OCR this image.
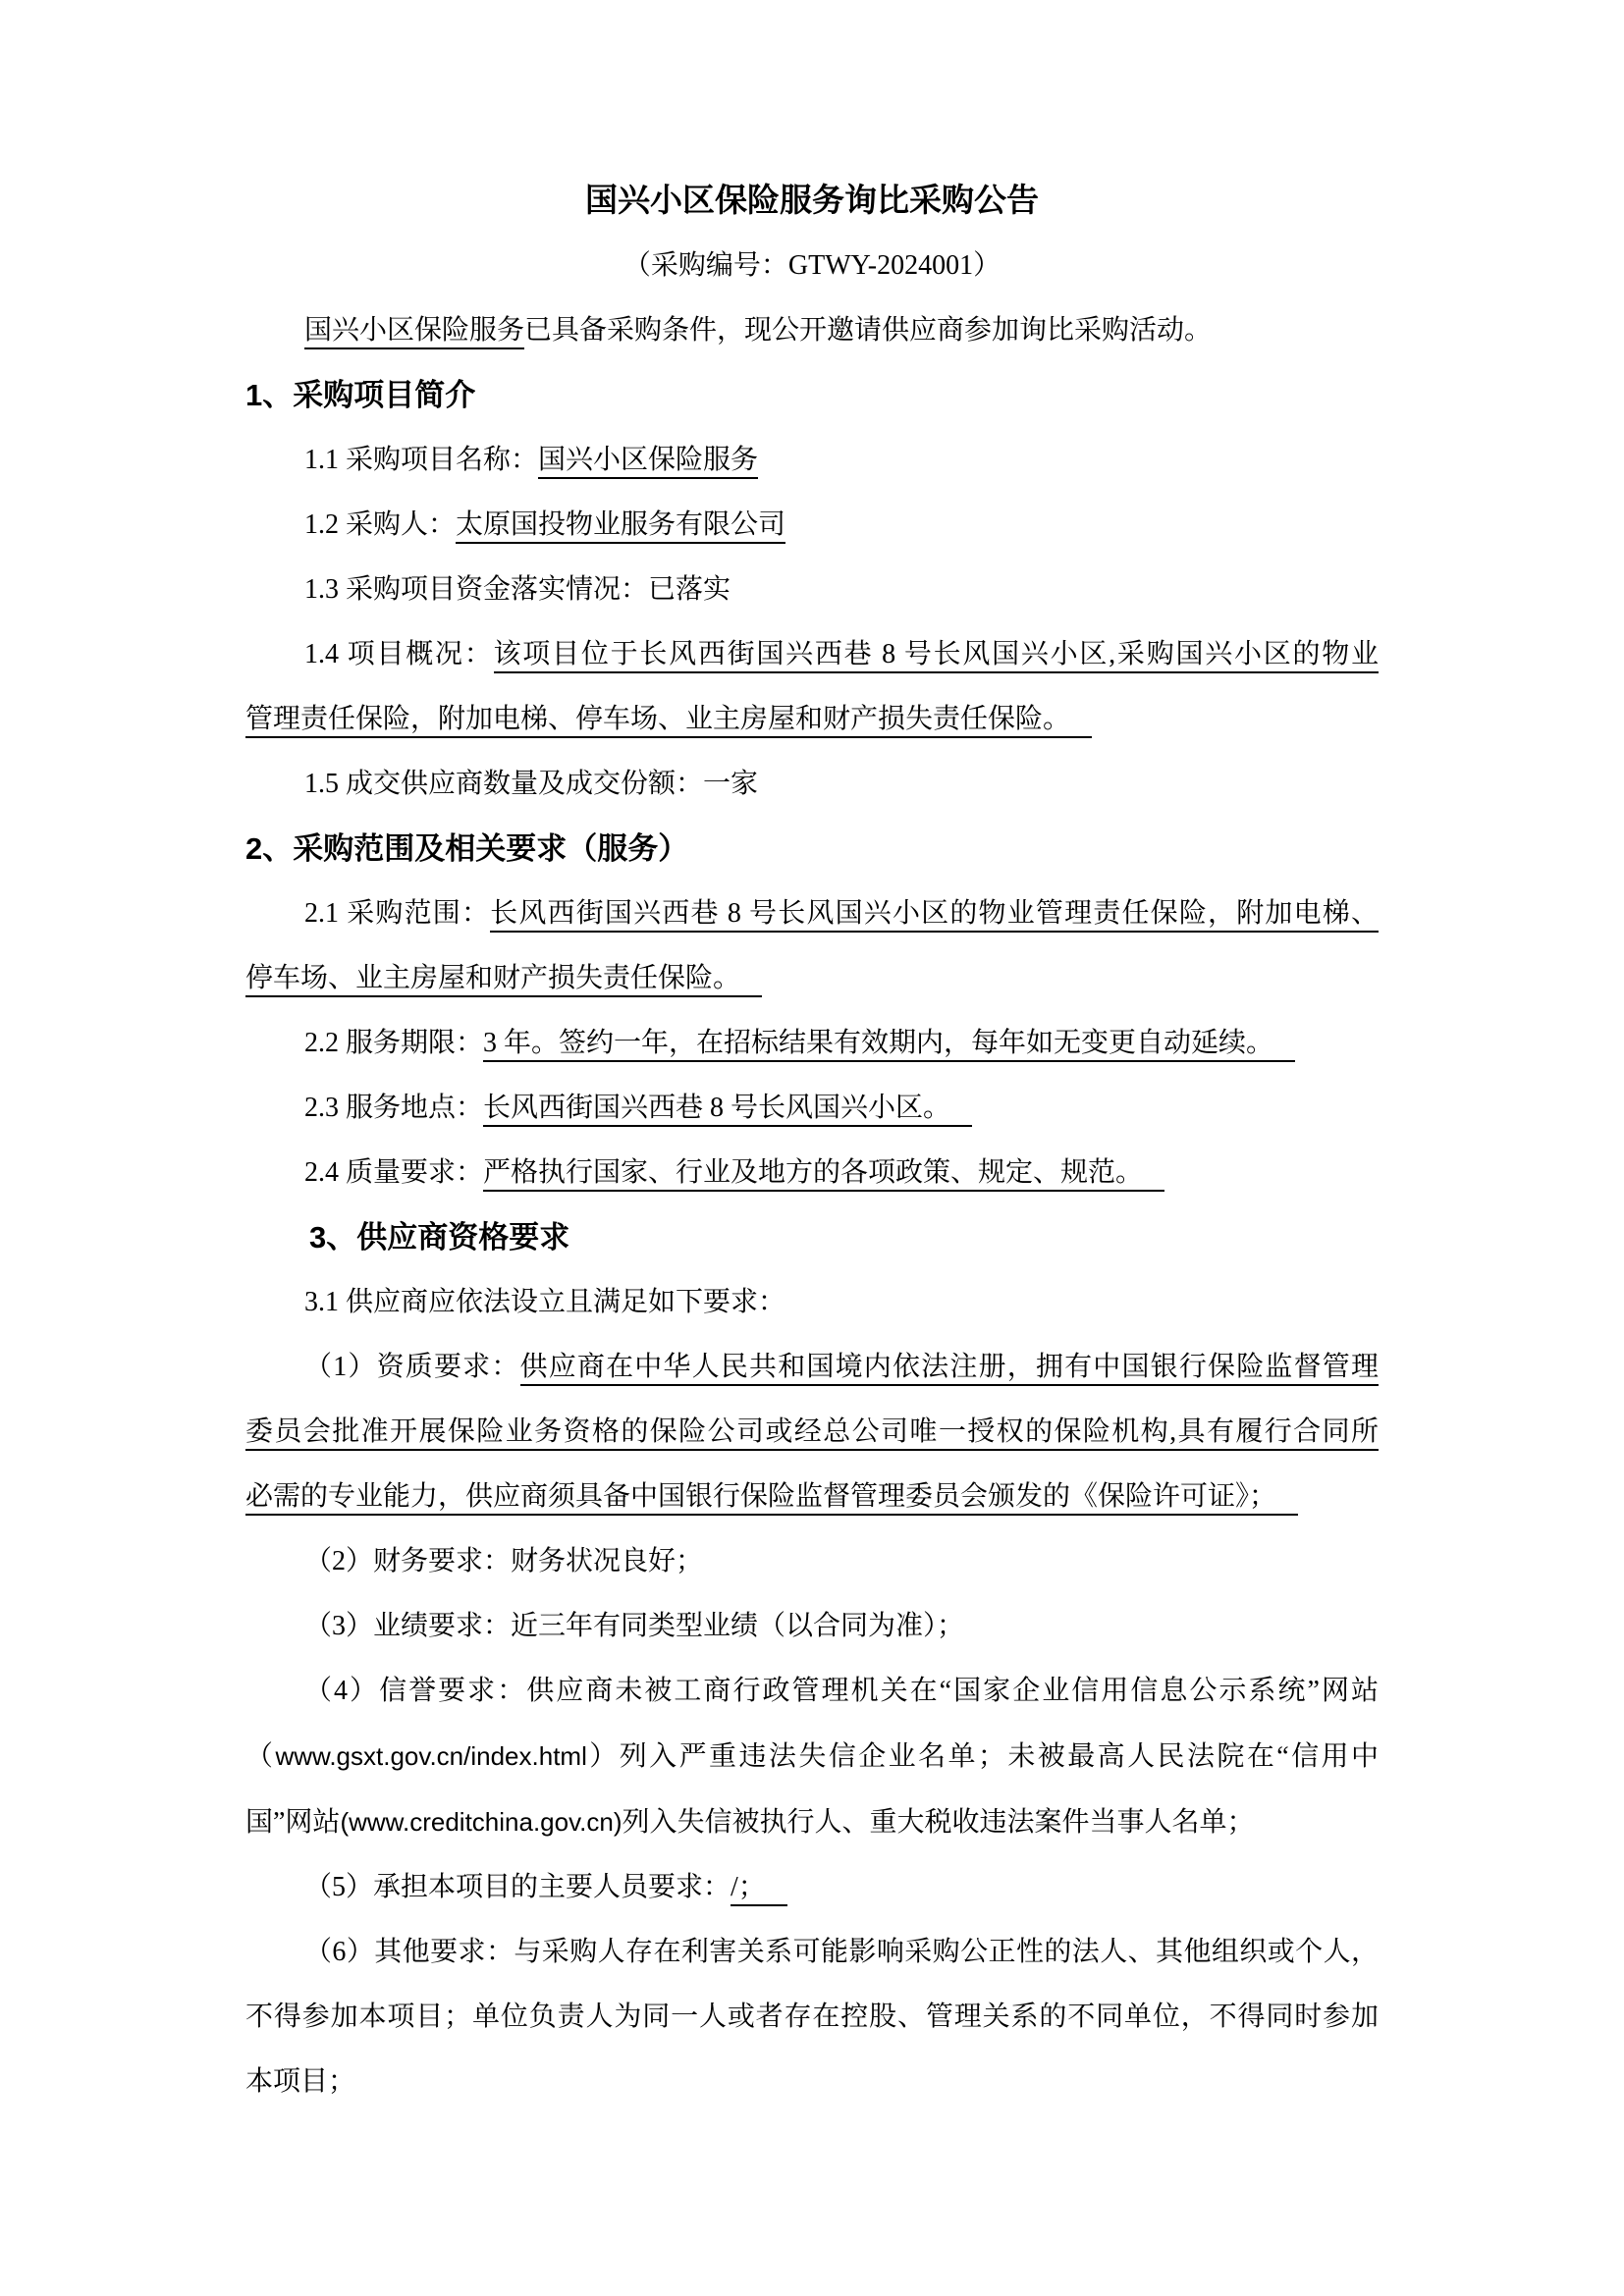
国兴小区保险服务询比采购公告

（采购编号：GTWY-2024001）

国兴小区保险服务已具备采购条件，现公开邀请供应商参加询比采购活动。

1、采购项目简介

1.1 采购项目名称：国兴小区保险服务

1.2 采购人：太原国投物业服务有限公司

1.3 采购项目资金落实情况：已落实

1.4 项目概况：该项目位于长风西街国兴西巷 8 号长风国兴小区,采购国兴小区的物业

管理责任保险，附加电梯、停车场、业主房屋和财产损失责任保险。

1.5 成交供应商数量及成交份额：一家

2、采购范围及相关要求（服务）

2.1 采购范围：长风西街国兴西巷 8 号长风国兴小区的物业管理责任保险，附加电梯、

停车场、业主房屋和财产损失责任保险。

2.2 服务期限：3 年。签约一年，在招标结果有效期内，每年如无变更自动延续。

2.3 服务地点：长风西街国兴西巷 8 号长风国兴小区。

2.4 质量要求：严格执行国家、行业及地方的各项政策、规定、规范。

3、供应商资格要求

3.1 供应商应依法设立且满足如下要求：

（1）资质要求：供应商在中华人民共和国境内依法注册，拥有中国银行保险监督管理

委员会批准开展保险业务资格的保险公司或经总公司唯一授权的保险机构,具有履行合同所

必需的专业能力，供应商须具备中国银行保险监督管理委员会颁发的《保险许可证》；

（2）财务要求：财务状况良好；

（3）业绩要求：近三年有同类型业绩（以合同为准）；

（4）信誉要求：供应商未被工商行政管理机关在“国家企业信用信息公示系统”网站

（www.gsxt.gov.cn/index.html）列入严重违法失信企业名单；未被最高人民法院在“信用中

国”网站(www.creditchina.gov.cn)列入失信被执行人、重大税收违法案件当事人名单；

（5）承担本项目的主要人员要求：/；

（6）其他要求：与采购人存在利害关系可能影响采购公正性的法人、其他组织或个人，

不得参加本项目；单位负责人为同一人或者存在控股、管理关系的不同单位，不得同时参加

本项目；
